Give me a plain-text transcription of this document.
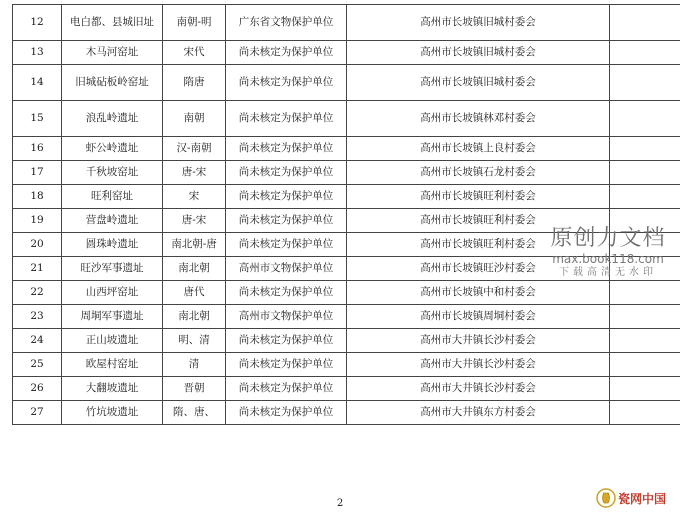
12	电白都、县城旧址	南朝-明	广东省文物保护单位	高州市长坡镇旧城村委会	
13	木马河窑址	宋代	尚未核定为保护单位	高州市长坡镇旧城村委会	
14	旧城砧板岭窑址	隋唐	尚未核定为保护单位	高州市长坡镇旧城村委会	
15	浪乱岭遗址	南朝	尚未核定为保护单位	高州市长坡镇林邓村委会	
16	虾公岭遗址	汉-南朝	尚未核定为保护单位	高州市长坡镇上良村委会	
17	千秋坡窑址	唐-宋	尚未核定为保护单位	高州市长坡镇石龙村委会	
18	旺利窑址	宋	尚未核定为保护单位	高州市长坡镇旺利村委会	
19	营盘岭遗址	唐-宋	尚未核定为保护单位	高州市长坡镇旺利村委会	
20	圆珠岭遗址	南北朝-唐	尚未核定为保护单位	高州市长坡镇旺利村委会	
21	旺沙军事遗址	南北朝	高州市文物保护单位	高州市长坡镇旺沙村委会	
22	山西坪窑址	唐代	尚未核定为保护单位	高州市长坡镇中和村委会	
23	周垌军事遗址	南北朝	高州市文物保护单位	高州市长坡镇周垌村委会	
24	正山坡遗址	明、清	尚未核定为保护单位	高州市大井镇长沙村委会	
25	欧屋村窑址	清	尚未核定为保护单位	高州市大井镇长沙村委会	
26	大翻坡遗址	晋朝	尚未核定为保护单位	高州市大井镇长沙村委会	
27	竹坑坡遗址	隋、唐、	尚未核定为保护单位	高州市大井镇东方村委会	
2
原创力文档
max.book118.com
下载高清无水印
瓷网中国
